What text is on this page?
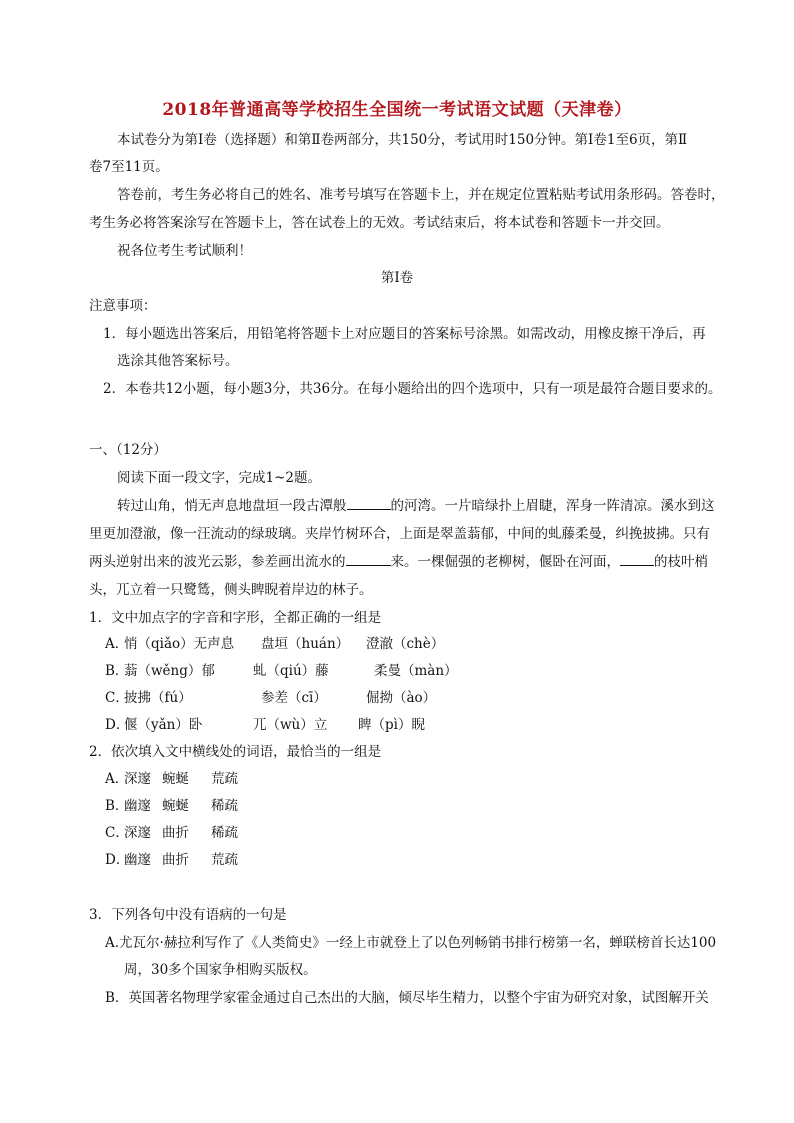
2018年普通高等学校招生全国统一考试语文试题（天津卷）
本试卷分为第Ⅰ卷（选择题）和第Ⅱ卷两部分，共150分，考试用时150分钟。第Ⅰ卷1至6页，第Ⅱ
卷7至11页。
答卷前，考生务必将自己的姓名、准考号填写在答题卡上，并在规定位置粘贴考试用条形码。答卷时，
考生务必将答案涂写在答题卡上，答在试卷上的无效。考试结束后，将本试卷和答题卡一并交回。
祝各位考生考试顺利！
第Ⅰ卷
注意事项：
1．每小题选出答案后，用铅笔将答题卡上对应题目的答案标号涂黑。如需改动，用橡皮擦干净后，再
选涂其他答案标号。
2．本卷共12小题，每小题3分，共36分。在每小题给出的四个选项中，只有一项是最符合题目要求的。
一、（12分）
阅读下面一段文字，完成1~2题。
转过山角，悄无声息地盘垣一段古潭般	的河湾。一片暗绿扑上眉睫，浑身一阵清凉。溪水到这
里更加澄澈，像一汪流动的绿玻璃。夹岸竹树环合，上面是翠盖蓊郁，中间的虬藤柔曼，纠挽披拂。只有
两头逆射出来的波光云影，参差画出流水的	来。一棵倔强的老柳树，偃卧在河面，	的枝叶梢
头，兀立着一只鹭鸶，侧头睥睨着岸边的林子。
1．文中加点字的字音和字形，全都正确的一组是
A．
悄（qiǎo）无声息 盘垣（huán） 澄澈（chè）
B．
蓊（wěng）郁	虬（qiú）藤	柔曼（màn）
C．
披拂（fú）	参差（cī）	倔拗（ào）
D．
偃（yǎn）卧	兀（wù）立 睥（pì）睨
2．依次填入文中横线处的词语，最恰当的一组是
A．
深邃 蜿蜒 荒疏
B．
幽邃 蜿蜒 稀疏
C．
深邃 曲折 稀疏
D．
幽邃 曲折 荒疏
3．下列各句中没有语病的一句是
A.尤瓦尔·赫拉利写作了《人类简史》一经上市就登上了以色列畅销书排行榜第一名，蝉联榜首长达100
周，30多个国家争相购买版权。
B．英国著名物理学家霍金通过自己杰出的大脑，倾尽毕生精力，以整个宇宙为研究对象，试图解开关
